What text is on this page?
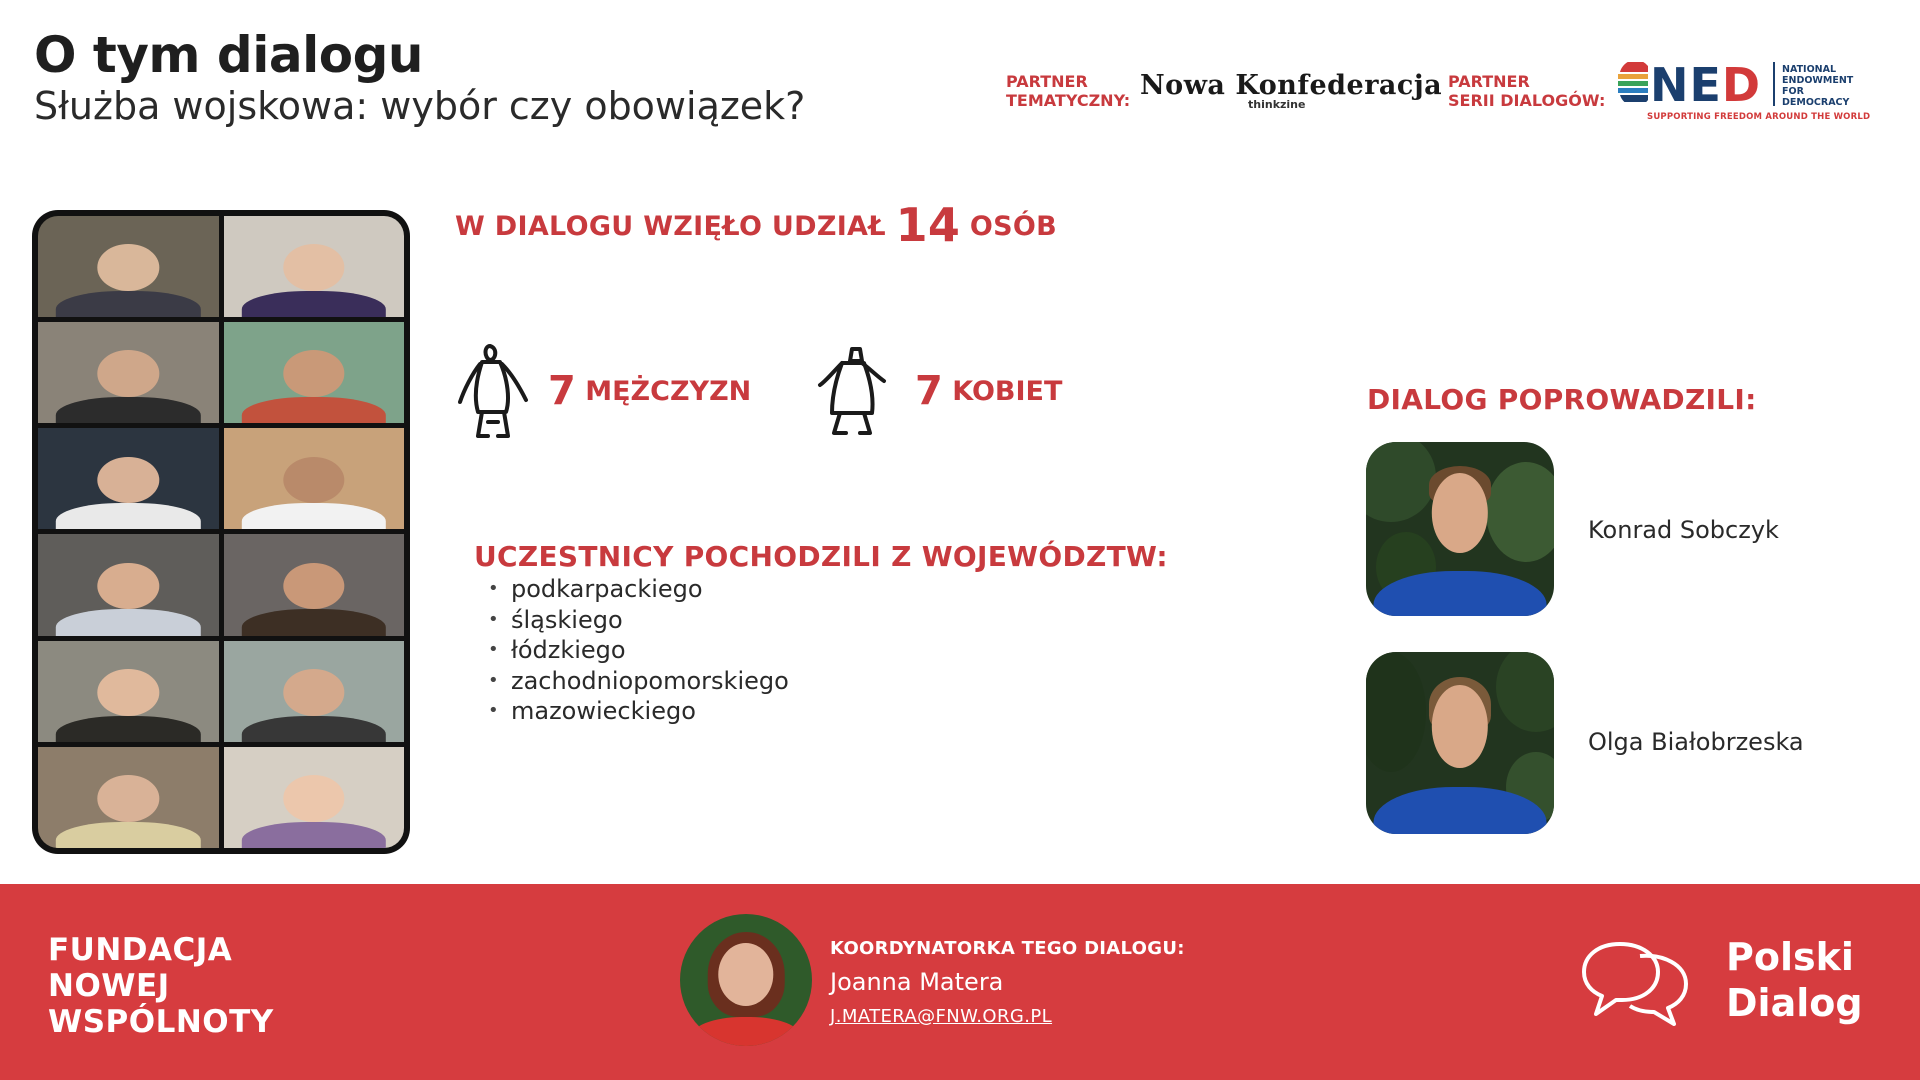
O tym dialogu
Służba wojskowa: wybór czy obowiązek?
PARTNER
TEMATYCZNY: Nowa Konfederacja
thinkzine
PARTNER
SERII DIALOGÓW: NED NATIONAL
ENDOWMENT
FOR
DEMOCRACY
SUPPORTING FREEDOM AROUND THE WORLD
W DIALOGU WZIĘŁO UDZIAŁ 14 OSÓB
7 MĘŻCZYZN	7 KOBIET
UCZESTNICY POCHODZILI Z WOJEWÓDZTW:
• podkarpackiego
• śląskiego
• łódzkiego
• zachodniopomorskiego
• mazowieckiego
DIALOG POPROWADZILI:
Konrad Sobczyk
Olga Białobrzeska
FUNDACJA
NOWEJ
WSPÓLNOTY
KOORDYNATORKA TEGO DIALOGU:
Joanna Matera
J.MATERA@FNW.ORG.PL
Polski
Dialog
